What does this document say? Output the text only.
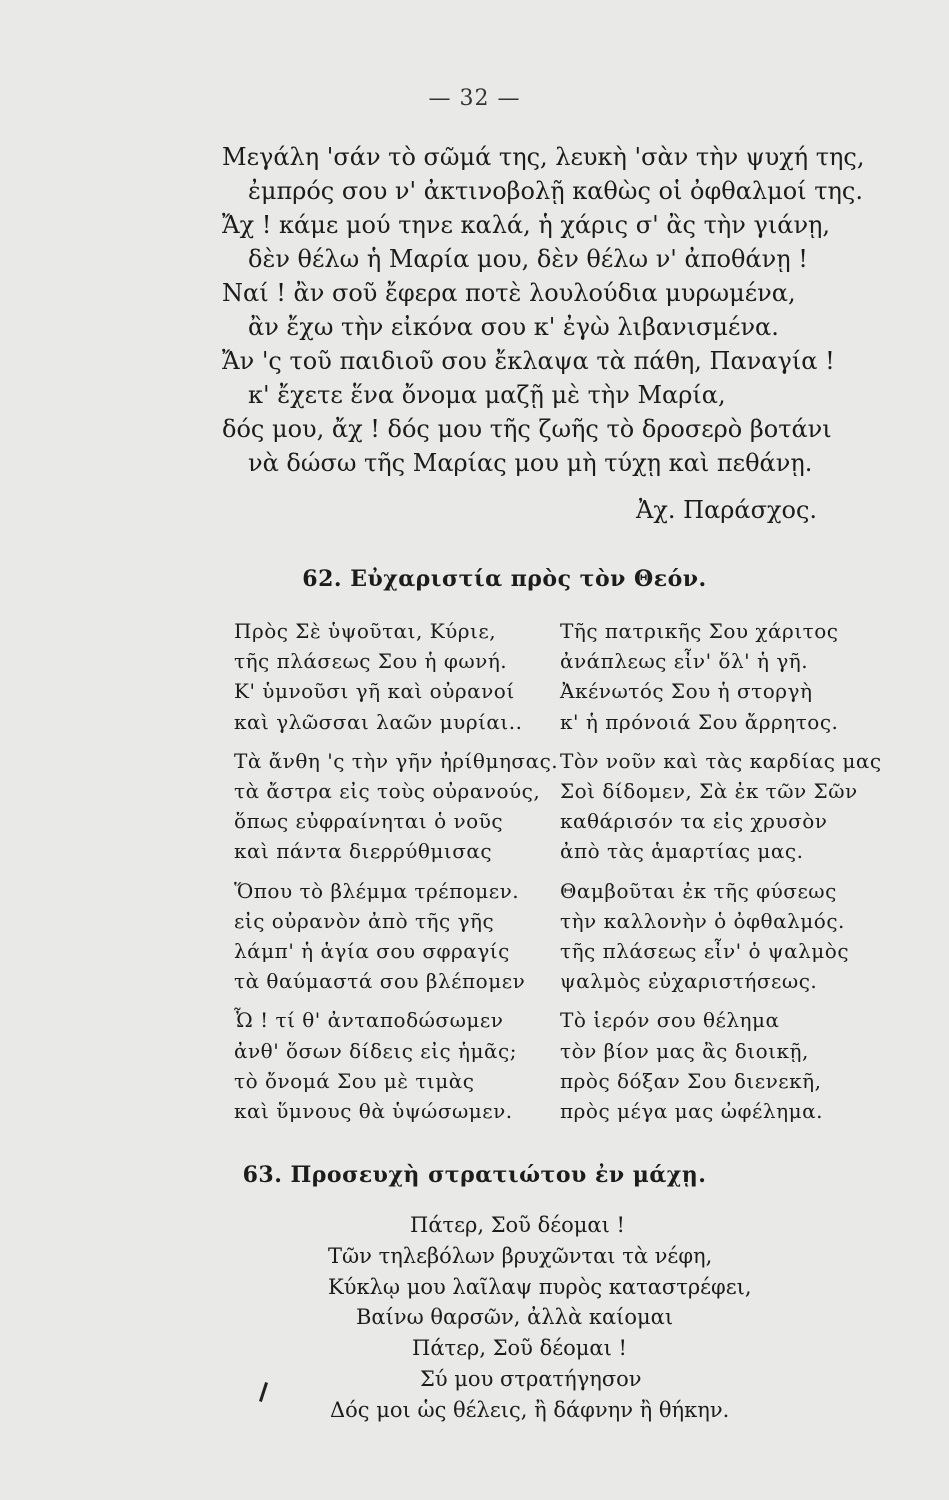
— 32 —
Μεγάλη 'σάν τὸ σῶμά της, λευκὴ 'σὰν τὴν ψυχή της,
ἐμπρός σου ν' ἀκτινοβολῇ καθὼς οἱ ὀφθαλμοί της.
Ἄχ ! κάμε μού τηνε καλά, ἡ χάρις σ' ἂς τὴν γιάνῃ,
δὲν θέλω ἡ Μαρία μου, δὲν θέλω ν' ἀποθάνῃ !
Ναί ! ἂν σοῦ ἔφερα ποτὲ λουλούδια μυρωμένα,
ἂν ἔχω τὴν εἰκόνα σου κ' ἐγὼ λιβανισμένα.
Ἄν 'ς τοῦ παιδιοῦ σου ἔκλαψα τὰ πάθη, Παναγία !
κ' ἔχετε ἕνα ὄνομα μαζῇ μὲ τὴν Μαρία,
δός μου, ἄχ ! δός μου τῆς ζωῆς τὸ δροσερὸ βοτάνι
νὰ δώσω τῆς Μαρίας μου μὴ τύχῃ καὶ πεθάνῃ.
Ἀχ. Παράσχος.
62. Εὐχαριστία πρὸς τὸν Θεόν.
Πρὸς Σὲ ὑψοῦται, Κύριε,
τῆς πλάσεως Σου ἡ φωνή.
Κ' ὑμνοῦσι γῆ καὶ οὐρανοί
καὶ γλῶσσαι λαῶν μυρίαι..
Τὰ ἄνθη 'ς τὴν γῆν ἠρίθμησας.
τὰ ἄστρα εἰς τοὺς οὐρανούς,
ὅπως εὐφραίνηται ὁ νοῦς
καὶ πάντα διερρύθμισας
Ὅπου τὸ βλέμμα τρέπομεν.
εἰς οὐρανὸν ἀπὸ τῆς γῆς
λάμπ' ἡ ἁγία σου σφραγίς
τὰ θαύμαστά σου βλέπομεν
Ὦ ! τί θ' ἀνταποδώσωμεν
ἀνθ' ὅσων δίδεις εἰς ἡμᾶς;
τὸ ὄνομά Σου μὲ τιμὰς
καὶ ὕμνους θὰ ὑψώσωμεν.
Τῆς πατρικῆς Σου χάριτος
ἀνάπλεως εἶν' ὅλ' ἡ γῆ.
Ἀκένωτός Σου ἡ στοργὴ
κ' ἡ πρόνοιά Σου ἄρρητος.
Τὸν νοῦν καὶ τὰς καρδίας μας
Σοὶ δίδομεν, Σὰ ἐκ τῶν Σῶν
καθάρισόν τα εἰς χρυσὸν
ἀπὸ τὰς ἁμαρτίας μας.
Θαμβοῦται ἐκ τῆς φύσεως
τὴν καλλονὴν ὁ ὀφθαλμός.
τῆς πλάσεως εἶν' ὁ ψαλμὸς
ψαλμὸς εὐχαριστήσεως.
Τὸ ἱερόν σου θέλημα
τὸν βίον μας ἂς διοικῇ,
πρὸς δόξαν Σου διενεκῆ,
πρὸς μέγα μας ὠφέλημα.
63. Προσευχὴ στρατιώτου ἐν μάχῃ.
Πάτερ, Σοῦ δέομαι !
Τῶν τηλεβόλων βρυχῶνται τὰ νέφη,
Κύκλῳ μου λαῖλαψ πυρὸς καταστρέφει,
Βαίνω θαρσῶν, ἀλλὰ καίομαι
Πάτερ, Σοῦ δέομαι !
Σύ μου στρατήγησον
Δός μοι ὡς θέλεις, ἢ δάφνην ἢ θήκην.
